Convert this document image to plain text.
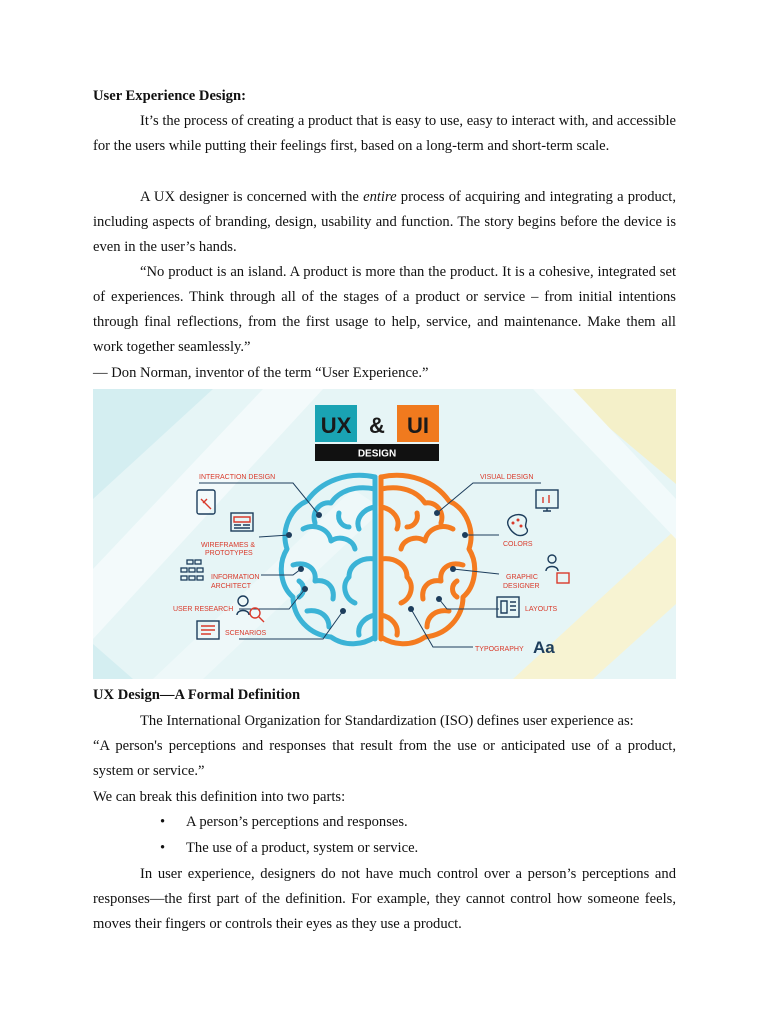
User Experience Design:
It’s the process of creating a product that is easy to use, easy to interact with, and accessible for the users while putting their feelings first, based on a long-term and short-term scale.
A UX designer is concerned with the entire process of acquiring and integrating a product, including aspects of branding, design, usability and function. The story begins before the device is even in the user’s hands.
“No product is an island. A product is more than the product. It is a cohesive, integrated set of experiences. Think through all of the stages of a product or service – from initial intentions through final reflections, from the first usage to help, service, and maintenance. Make them all work together seamlessly.”
— Don Norman, inventor of the term “User Experience.”
UX & UI
DESIGN
INTERACTION DESIGN
WIREFRAMES &
PROTOTYPES
INFORMATION
ARCHITECT
USER RESEARCH
SCENARIOS
VISUAL DESIGN
COLORS
GRAPHIC
DESIGNER
LAYOUTS
TYPOGRAPHY Aa
UX Design—A Formal Definition
The International Organization for Standardization (ISO) defines user experience as:
“A person's perceptions and responses that result from the use or anticipated use of a product, system or service.”
We can break this definition into two parts:
• A person’s perceptions and responses.
• The use of a product, system or service.
In user experience, designers do not have much control over a person’s perceptions and responses—the first part of the definition. For example, they cannot control how someone feels, moves their fingers or controls their eyes as they use a product.
